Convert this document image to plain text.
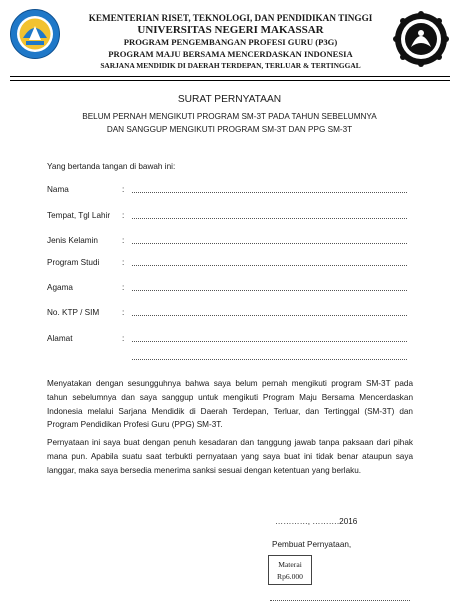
KEMENTERIAN RISET, TEKNOLOGI, DAN PENDIDIKAN TINGGI
UNIVERSITAS NEGERI MAKASSAR
PROGRAM PENGEMBANGAN PROFESI GURU (P3G)
PROGRAM MAJU BERSAMA MENCERDASKAN INDONESIA
SARJANA MENDIDIK DI DAERAH TERDEPAN, TERLUAR & TERTINGGAL
SURAT PERNYATAAN
BELUM PERNAH MENGIKUTI PROGRAM SM-3T PADA TAHUN SEBELUMNYA
DAN SANGGUP MENGIKUTI PROGRAM SM-3T DAN PPG SM-3T
Yang bertanda tangan di bawah ini:
Nama	:
Tempat, Tgl Lahir :
Jenis Kelamin	:
Program Studi	:
Agama	:
No. KTP / SIM	:
Alamat	:
Menyatakan dengan sesungguhnya bahwa saya belum pernah mengikuti program SM-3T pada tahun sebelumnya dan saya sanggup untuk mengikuti Program Maju Bersama Mencerdaskan Indonesia melalui Sarjana Mendidik di Daerah Terdepan, Terluar, dan Tertinggal (SM-3T) dan Program Pendidikan Profesi Guru (PPG) SM-3T.
Pernyataan ini saya buat dengan penuh kesadaran dan tanggung jawab tanpa paksaan dari pihak mana pun. Apabila suatu saat terbukti pernyataan yang saya buat ini tidak benar ataupun saya langgar, maka saya bersedia menerima sanksi sesuai dengan ketentuan yang berlaku.
…………, ……….2016
Pembuat Pernyataan,
Materai
Rp6.000
